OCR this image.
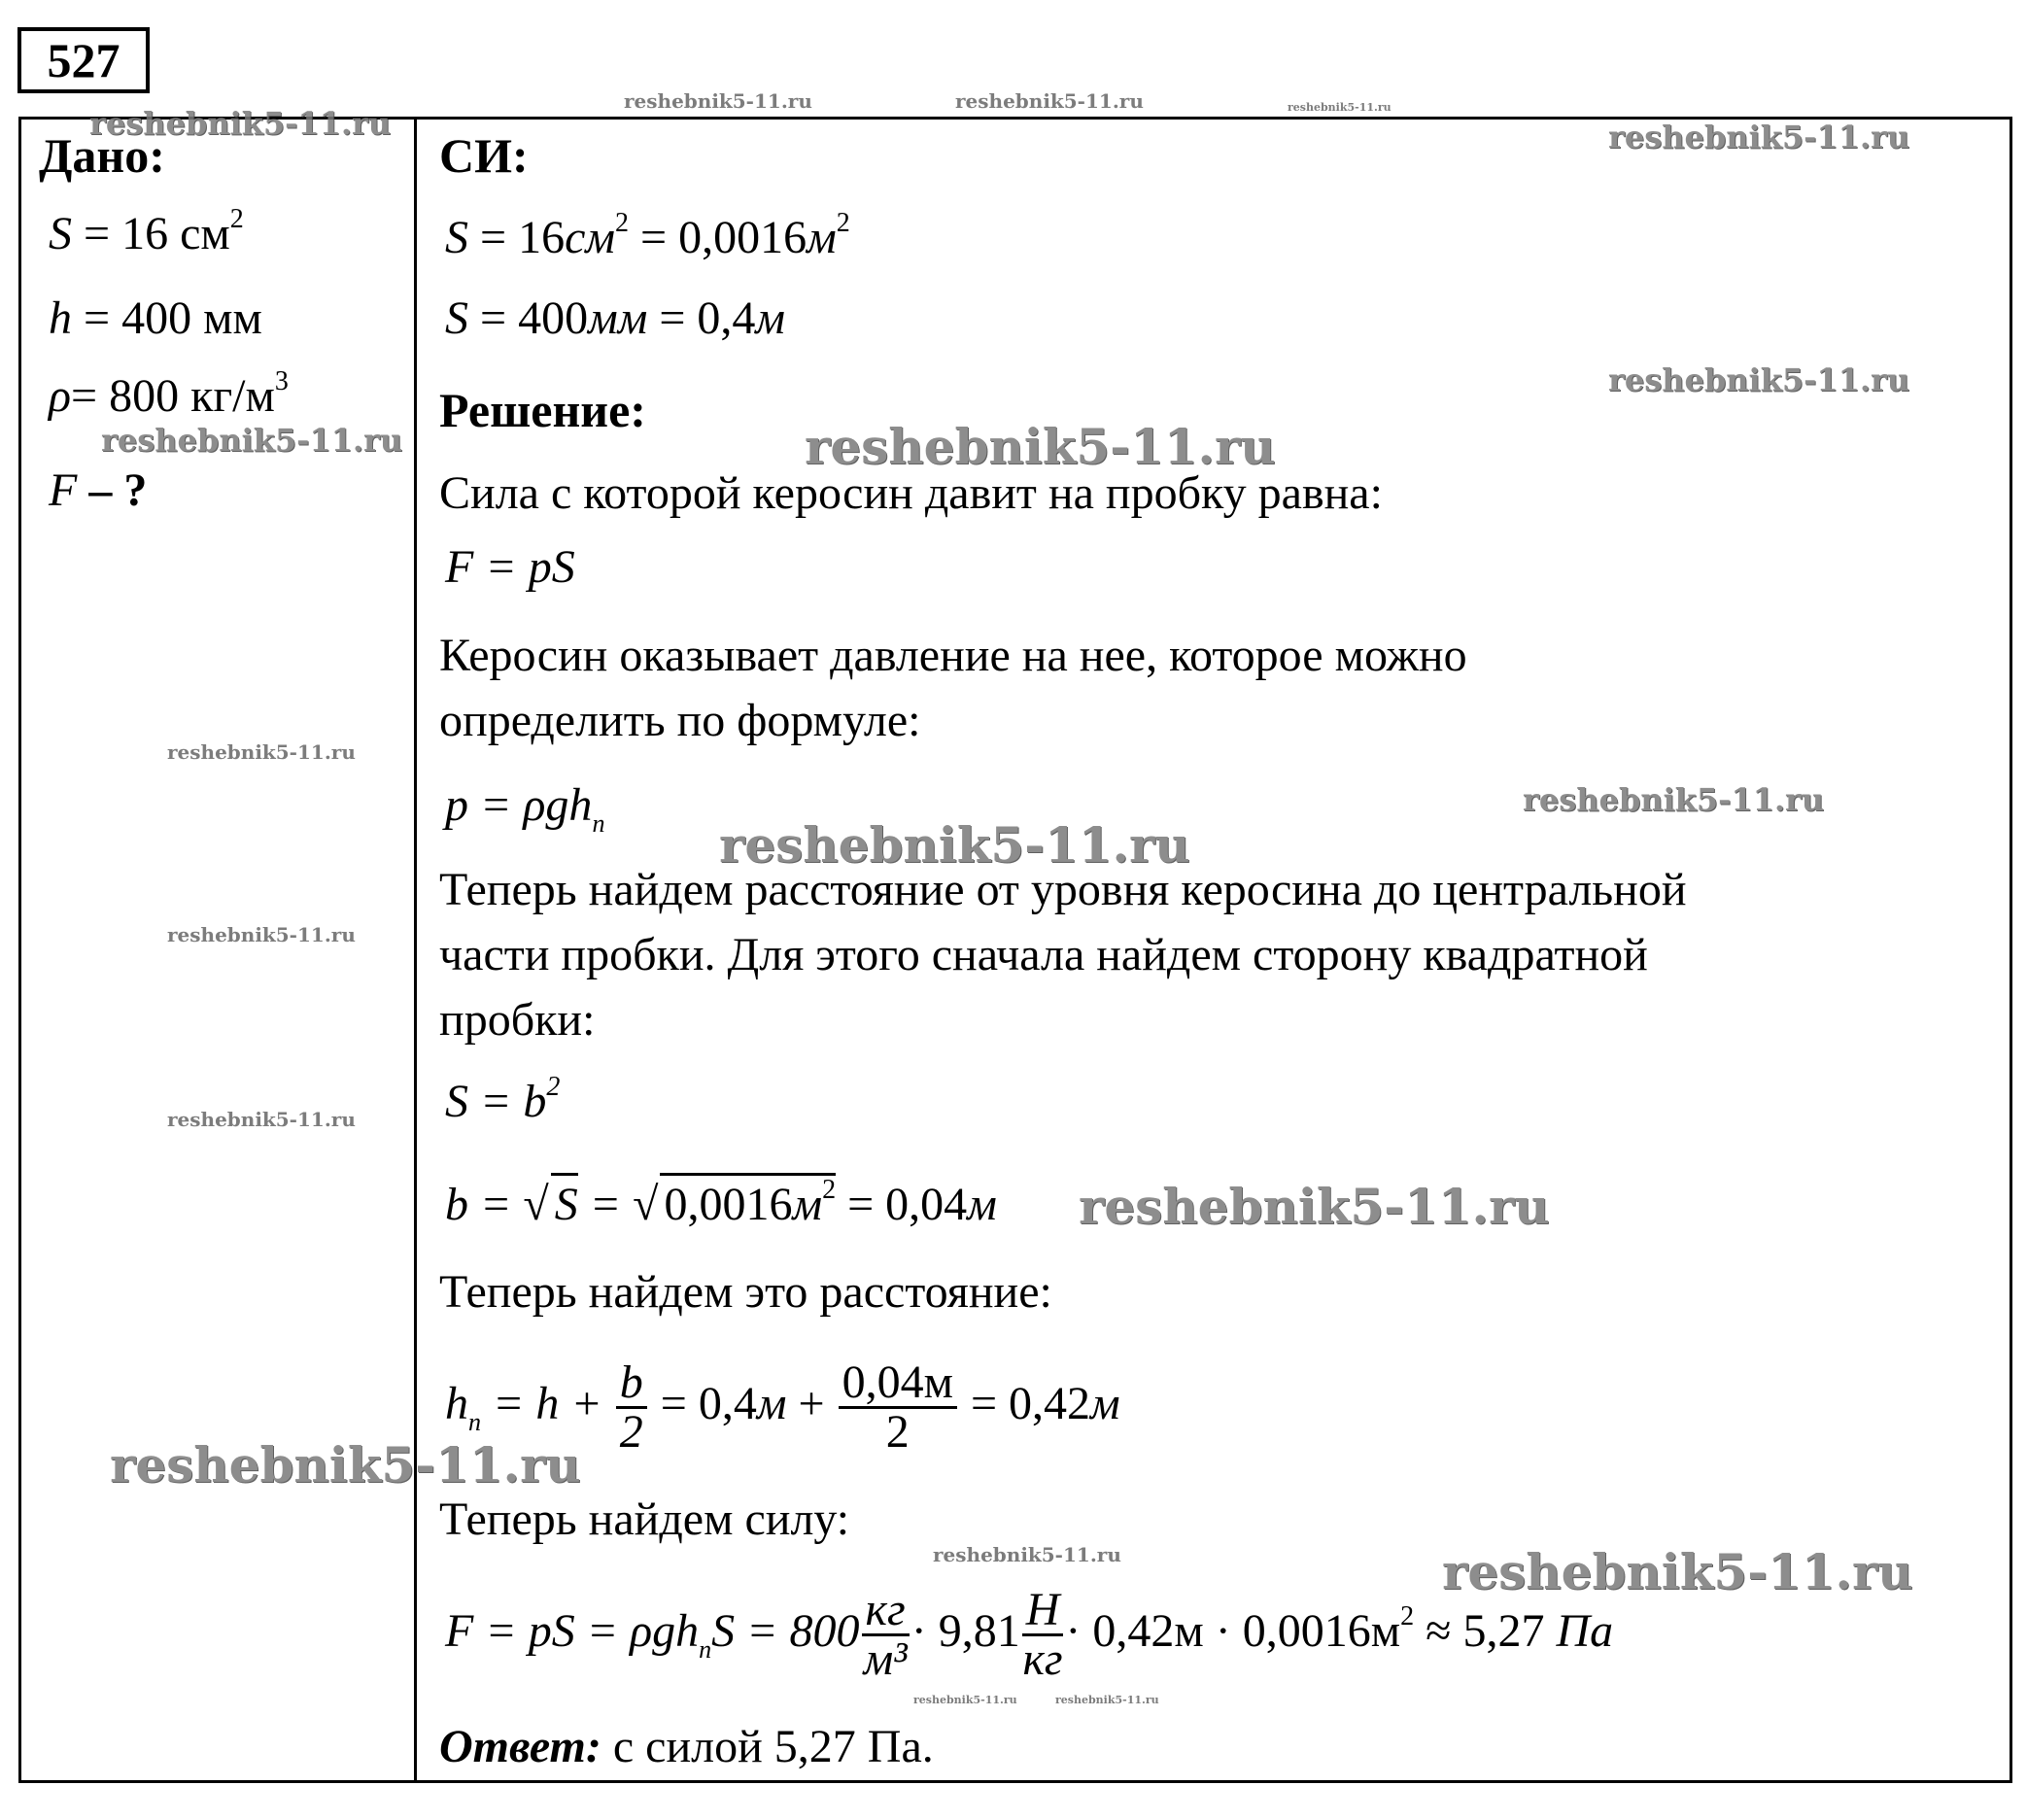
527
Дано:
S = 16 $см^2$
h = 400 мм
ρ= 800 $кг/м^3$
F – ?
СИ:
$S = 16см^2 = 0,0016м^2$
S = 400мм = 0,4м
Решение:
Сила с которой керосин давит на пробку равна:
F = pS
Керосин оказывает давление на нее, которое можно
определить по формуле:
p = ρgh$_n$
Теперь найдем расстояние от уровня керосина до центральной
части пробки. Для этого сначала найдем сторону квадратной
пробки:
$S = b^2$
b = √ S = √ $0,0016м^2 = 0,04м$
Теперь найдем это расстояние:
$h_n = h + \frac{b}{2} = 0,4м + \frac{0,04м}{2} = 0,42м$
Теперь найдем силу:
F = pS = $\rho gh_nS = 800 \frac{кг}{\text{м³}} \cdot 9,81 \frac{Н}{кг} \cdot 0,42м \cdot 0,0016м^2 \approx 5,27$ Па
Ответ: с силой 5,27 Па.
reshebnik5-11.ru
reshebnik5-11.ru	reshebnik5-11.ru	reshebnik5-11.ru
reshebnik5-11.ru
reshebnik5-11.ru
reshebnik5-11.ru	reshebnik5-11.ru
reshebnik5-11.ru
reshebnik5-11.ru
reshebnik5-11.ru
reshebnik5-11.ru
reshebnik5-11.ru
reshebnik5-11.ru
reshebnik5-11.ru
reshebnik5-11.ru	reshebnik5-11.ru
reshebnik5-11.ru	reshebnik5-11.ru
